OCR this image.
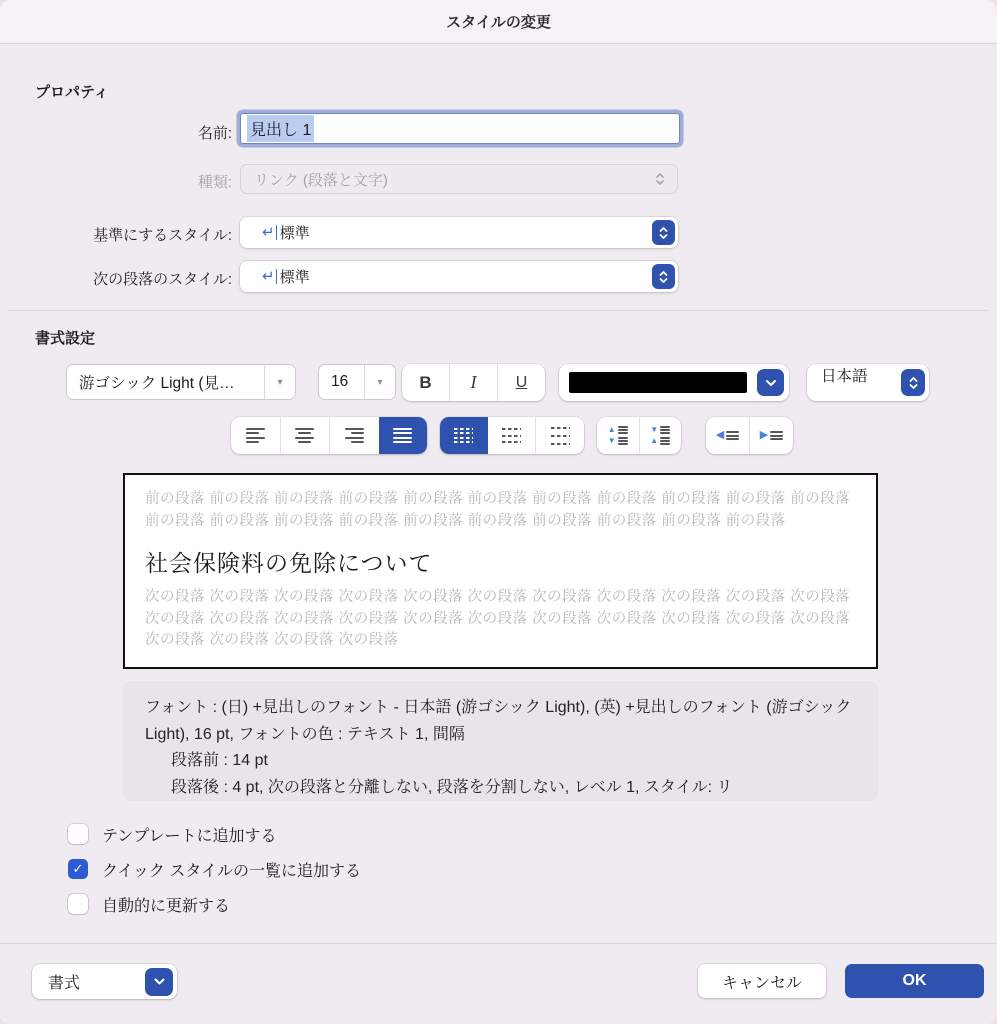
スタイルの変更
プロパティ
名前: 見出し 1
種類: リンク (段落と文字)
基準にするスタイル: ↵ 標準
次の段落のスタイル: ↵ 標準
書式設定
游ゴシック Light (見…	▾	16	▾	B I U	日本語
▲
▼
▼
▲	◀	▶
前の段落 前の段落 前の段落 前の段落 前の段落 前の段落 前の段落 前の段落 前の段落 前の段落 前の段落 前の段落 前の段落 前の段落 前の段落 前の段落 前の段落 前の段落 前の段落 前の段落 前の段落
社会保険料の免除について
次の段落 次の段落 次の段落 次の段落 次の段落 次の段落 次の段落 次の段落 次の段落 次の段落 次の段落 次の段落 次の段落 次の段落 次の段落 次の段落 次の段落 次の段落 次の段落 次の段落 次の段落 次の段落 次の段落 次の段落 次の段落 次の段落
フォント : (日) +見出しのフォント - 日本語 (游ゴシック Light), (英) +見出しのフォント (游ゴシック Light), 16 pt, フォントの色 : テキスト 1, 間隔
段落前 : 14 pt
段落後 : 4 pt, 次の段落と分離しない, 段落を分割しない, レベル 1, スタイル: リ
テンプレートに追加する
✓
クイック スタイルの一覧に追加する
自動的に更新する
書式	キャンセル	OK
